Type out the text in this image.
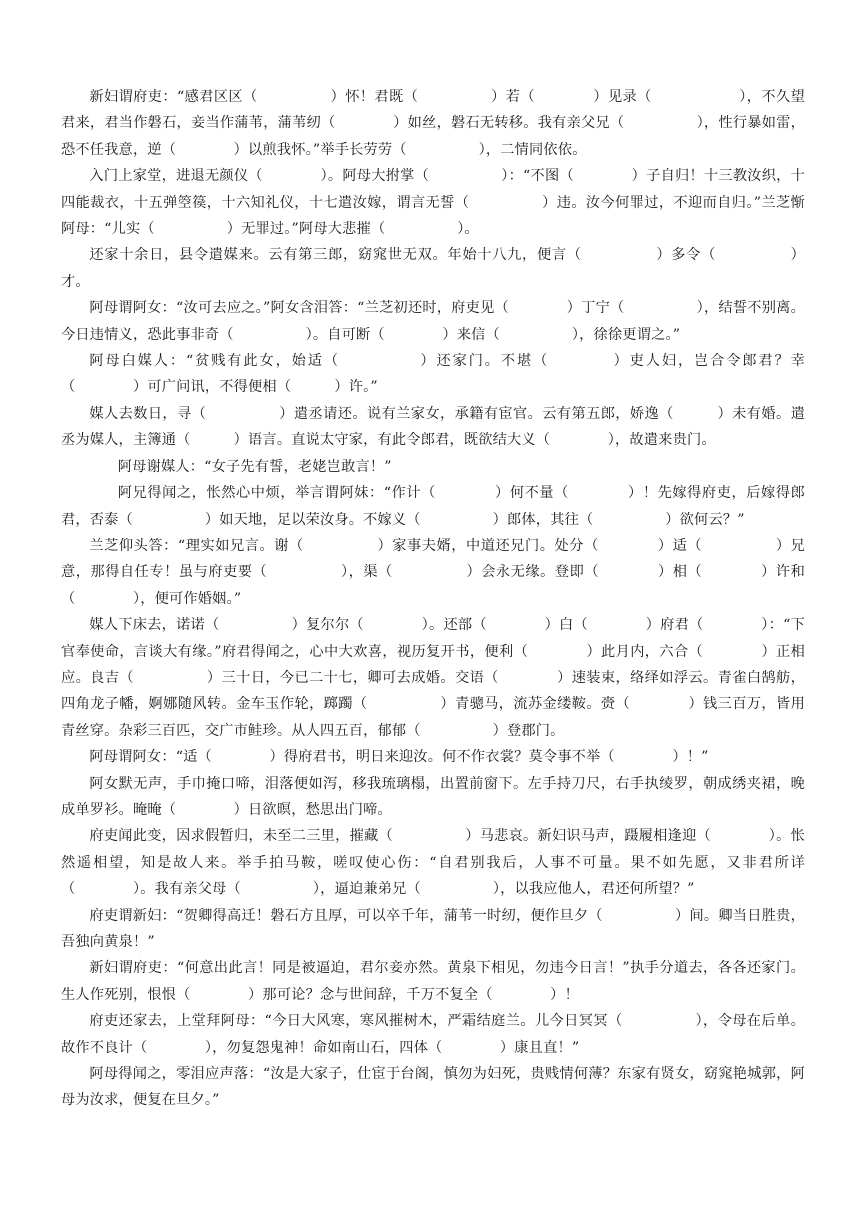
新妇谓府吏：“感君区区（　　　　　）怀！君既（　　　　　）若（　　　　）见录（　　　　　　），不久望君来，君当作磐石，妾当作蒲苇，蒲苇纫（　　　　）如丝，磐石无转移。我有亲父兄（　　　　　），性行暴如雷，恐不任我意，逆（　　　　）以煎我怀。”举手长劳劳（　　　　　），二情同依依。

入门上家堂，进退无颜仪（　　　　）。阿母大拊掌（　　　　　）：“不图（　　　　）子自归！十三教汝织，十四能裁衣，十五弹箜篌，十六知礼仪，十七遣汝嫁，谓言无誓（　　　　　）违。汝今何罪过，不迎而自归。”兰芝惭阿母：“儿实（　　　　　）无罪过。”阿母大悲摧（　　　　　）。

还家十余日，县令遣媒来。云有第三郎，窈窕世无双。年始十八九，便言（　　　　　）多令（　　　　　）才。

阿母谓阿女：“汝可去应之。”阿女含泪答：“兰芝初还时，府吏见（　　　　）丁宁（　　　　　），结誓不别离。今日违情义，恐此事非奇（　　　　　）。自可断（　　　　）来信（　　　　　），徐徐更谓之。”

阿母白媒人：“贫贱有此女，始适（　　　　　）还家门。不堪（　　　　）吏人妇，岂合令郎君？幸（　　　　）可广问讯，不得便相（　　　）许。”

媒人去数日，寻（　　　　　）遣丞请还。说有兰家女，承籍有宦官。云有第五郎，娇逸（　　　）未有婚。遣丞为媒人，主簿通（　　　）语言。直说太守家，有此令郎君，既欲结大义（　　　　），故遣来贵门。

阿母谢媒人：“女子先有誓，老姥岂敢言！”

阿兄得闻之，怅然心中烦，举言谓阿妹：“作计（　　　　）何不量（　　　　）！先嫁得府吏，后嫁得郎君，否泰（　　　　　）如天地，足以荣汝身。不嫁义（　　　　　）郎体，其往（　　　　　）欲何云？”

兰芝仰头答：“理实如兄言。谢（　　　　　）家事夫婿，中道还兄门。处分（　　　　）适（　　　　　）兄意，那得自任专！虽与府吏要（　　　　　），渠（　　　　　）会永无缘。登即（　　　　）相（　　　　）许和（　　　　），便可作婚姻。”

媒人下床去，诺诺（　　　　　）复尔尔（　　　　）。还部（　　　　）白（　　　　）府君（　　　　）：“下官奉使命，言谈大有缘。”府君得闻之，心中大欢喜，视历复开书，便利（　　　　）此月内，六合（　　　　）正相应。良吉（　　　　　）三十日，今已二十七，卿可去成婚。交语（　　　　）速装束，络绎如浮云。青雀白鹄舫，四角龙子幡，婀娜随风转。金车玉作轮，踯躅（　　　　　）青骢马，流苏金缕鞍。赍（　　　　）钱三百万，皆用青丝穿。杂彩三百匹，交广市鲑珍。从人四五百，郁郁（　　　　　）登郡门。

阿母谓阿女：“适（　　　　）得府君书，明日来迎汝。何不作衣裳？莫令事不举（　　　　）！”

阿女默无声，手巾掩口啼，泪落便如泻，移我琉璃榻，出置前窗下。左手持刀尺，右手执绫罗，朝成绣夹裙，晚成单罗衫。晻晻（　　　　）日欲暝，愁思出门啼。

府吏闻此变，因求假暂归，未至二三里，摧藏（　　　　　）马悲哀。新妇识马声，蹑履相逢迎（　　　　）。怅然遥相望，知是故人来。举手拍马鞍，嗟叹使心伤：“自君别我后，人事不可量。果不如先愿，又非君所详（　　　　）。我有亲父母（　　　　　），逼迫兼弟兄（　　　　　），以我应他人，君还何所望？”

府吏谓新妇：“贺卿得高迁！磐石方且厚，可以卒千年，蒲苇一时纫，便作旦夕（　　　　　）间。卿当日胜贵，吾独向黄泉！”

新妇谓府吏：“何意出此言！同是被逼迫，君尔妾亦然。黄泉下相见，勿违今日言！”执手分道去，各各还家门。生人作死别，恨恨（　　　　）那可论？念与世间辞，千万不复全（　　　　）！

府吏还家去，上堂拜阿母：“今日大风寒，寒风摧树木，严霜结庭兰。儿今日冥冥（　　　　　），令母在后单。故作不良计（　　　　），勿复怨鬼神！命如南山石，四体（　　　　）康且直！”

阿母得闻之，零泪应声落：“汝是大家子，仕宦于台阁，慎勿为妇死，贵贱情何薄？东家有贤女，窈窕艳城郭，阿母为汝求，便复在旦夕。”
